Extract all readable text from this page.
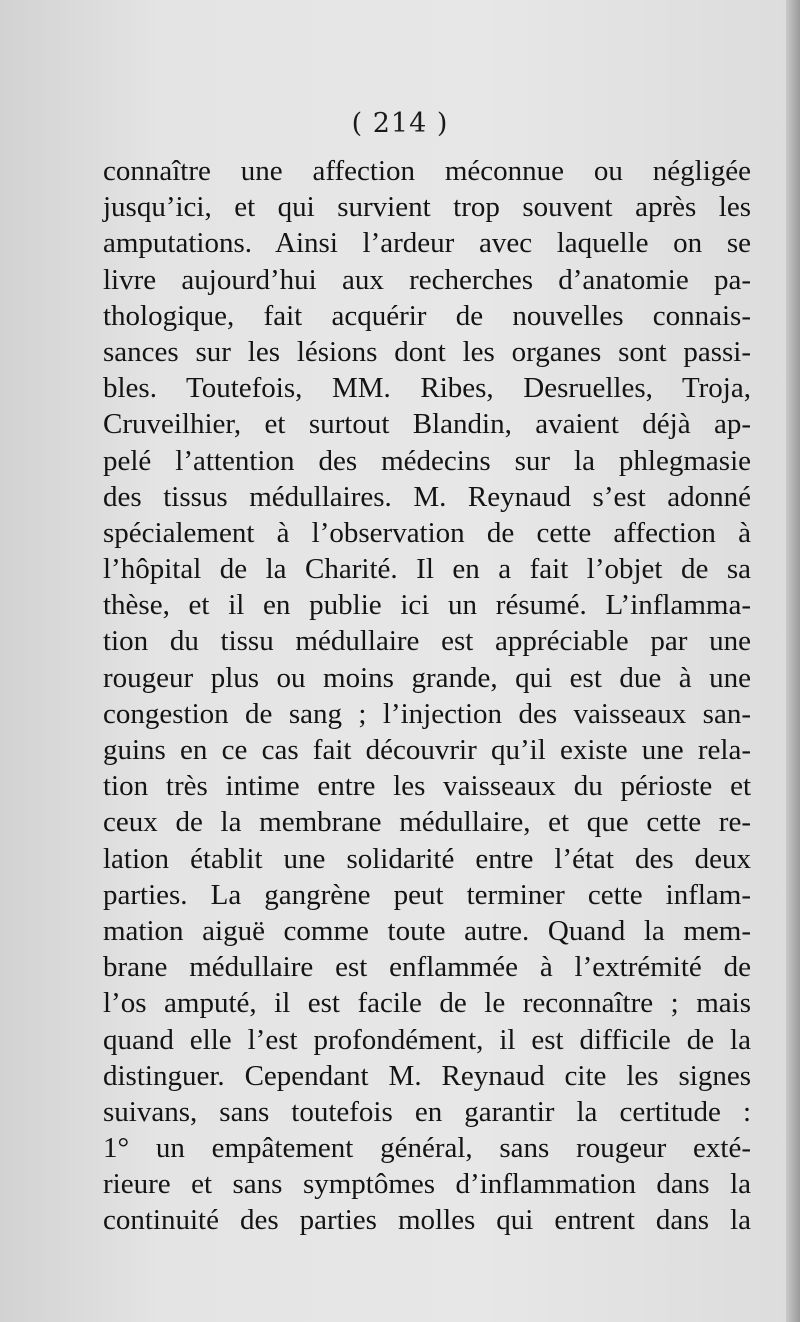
( 214 )
connaître une affection méconnue ou négligée
jusqu’ici, et qui survient trop souvent après les
amputations. Ainsi l’ardeur avec laquelle on se
livre aujourd’hui aux recherches d’anatomie pa-
thologique, fait acquérir de nouvelles connais-
sances sur les lésions dont les organes sont passi-
bles. Toutefois, MM. Ribes, Desruelles, Troja,
Cruveilhier, et surtout Blandin, avaient déjà ap-
pelé l’attention des médecins sur la phlegmasie
des tissus médullaires. M. Reynaud s’est adonné
spécialement à l’observation de cette affection à
l’hôpital de la Charité. Il en a fait l’objet de sa
thèse, et il en publie ici un résumé. L’inflamma-
tion du tissu médullaire est appréciable par une
rougeur plus ou moins grande, qui est due à une
congestion de sang ; l’injection des vaisseaux san-
guins en ce cas fait découvrir qu’il existe une rela-
tion très intime entre les vaisseaux du périoste et
ceux de la membrane médullaire, et que cette re-
lation établit une solidarité entre l’état des deux
parties. La gangrène peut terminer cette inflam-
mation aiguë comme toute autre. Quand la mem-
brane médullaire est enflammée à l’extrémité de
l’os amputé, il est facile de le reconnaître ; mais
quand elle l’est profondément, il est difficile de la
distinguer. Cependant M. Reynaud cite les signes
suivans, sans toutefois en garantir la certitude :
1° un empâtement général, sans rougeur exté-
rieure et sans symptômes d’inflammation dans la
continuité des parties molles qui entrent dans la
